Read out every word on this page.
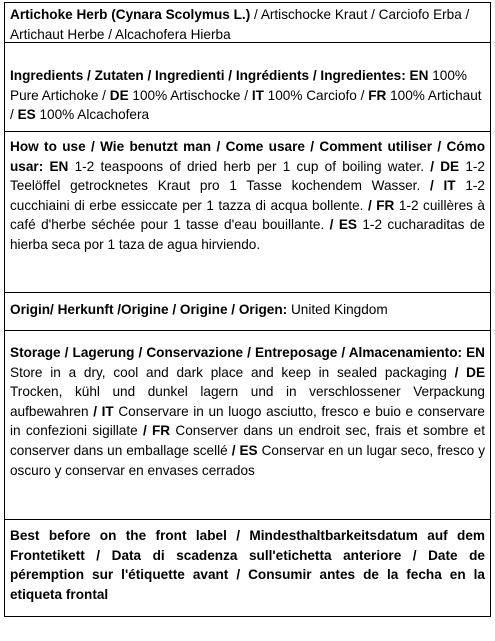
Artichoke Herb (Cynara Scolymus L.) / Artischocke Kraut / Carciofo Erba / Artichaut Herbe / Alcachofera Hierba
Ingredients / Zutaten / Ingredienti / Ingrédients / Ingredientes: EN 100% Pure Artichoke / DE 100% Artischocke / IT 100% Carciofo / FR 100% Artichaut / ES 100% Alcachofera
How to use / Wie benutzt man / Come usare / Comment utiliser / Cómo usar: EN 1-2 teaspoons of dried herb per 1 cup of boiling water. / DE 1-2 Teelöffel getrocknetes Kraut pro 1 Tasse kochendem Wasser. / IT 1-2 cucchiaini di erbe essiccate per 1 tazza di acqua bollente. / FR 1-2 cuillères à café d'herbe séchée pour 1 tasse d'eau bouillante. / ES 1-2 cucharaditas de hierba seca por 1 taza de agua hirviendo.
Origin/ Herkunft /Origine / Origine / Origen: United Kingdom
Storage / Lagerung / Conservazione / Entreposage / Almacenamiento: EN Store in a dry, cool and dark place and keep in sealed packaging / DE Trocken, kühl und dunkel lagern und in verschlossener Verpackung aufbewahren / IT Conservare in un luogo asciutto, fresco e buio e conservare in confezioni sigillate / FR Conserver dans un endroit sec, frais et sombre et conserver dans un emballage scellé / ES Conservar en un lugar seco, fresco y oscuro y conservar en envases cerrados
Best before on the front label / Mindesthaltbarkeitsdatum auf dem Frontetikett / Data di scadenza sull'etichetta anteriore / Date de péremption sur l'étiquette avant / Consumir antes de la fecha en la etiqueta frontal
